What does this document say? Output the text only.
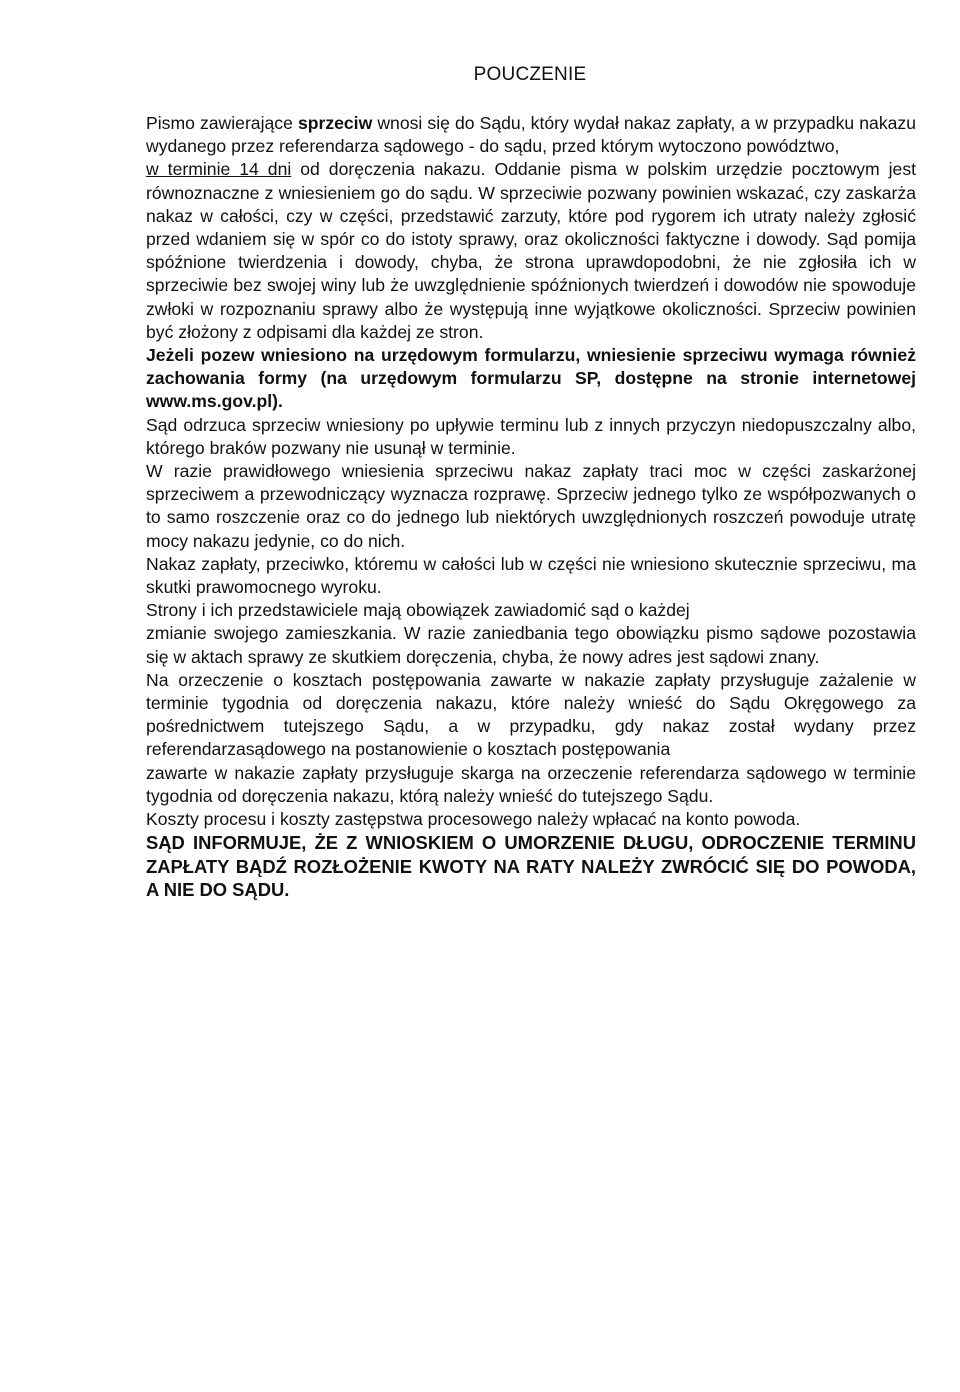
POUCZENIE

Pismo zawierające sprzeciw wnosi się do Sądu, który wydał nakaz zapłaty, a w przypadku nakazu wydanego przez referendarza sądowego - do sądu, przed którym wytoczono powództwo,

w terminie 14 dni od doręczenia nakazu. Oddanie pisma w polskim urzędzie pocztowym jest równoznaczne z wniesieniem go do sądu. W sprzeciwie pozwany powinien wskazać, czy zaskarża nakaz w całości, czy w części, przedstawić zarzuty, które pod rygorem ich utraty należy zgłosić przed wdaniem się w spór co do istoty sprawy, oraz okoliczności faktyczne i dowody. Sąd pomija spóźnione twierdzenia i dowody, chyba, że strona uprawdopodobni, że nie zgłosiła ich w sprzeciwie bez swojej winy lub że uwzględnienie spóźnionych twierdzeń i dowodów nie spowoduje zwłoki w rozpoznaniu sprawy albo że występują inne wyjątkowe okoliczności. Sprzeciw powinien być złożony z odpisami dla każdej ze stron.

Jeżeli pozew wniesiono na urzędowym formularzu, wniesienie sprzeciwu wymaga również zachowania formy (na urzędowym formularzu SP, dostępne na stronie internetowej www.ms.gov.pl).

Sąd odrzuca sprzeciw wniesiony po upływie terminu lub z innych przyczyn niedopuszczalny albo, którego braków pozwany nie usunął w terminie.

W razie prawidłowego wniesienia sprzeciwu nakaz zapłaty traci moc w części zaskarżonej sprzeciwem a przewodniczący wyznacza rozprawę. Sprzeciw jednego tylko ze współpozwanych o to samo roszczenie oraz co do jednego lub niektórych uwzględnionych roszczeń powoduje utratę mocy nakazu jedynie, co do nich.

Nakaz zapłaty, przeciwko, któremu w całości lub w części nie wniesiono skutecznie sprzeciwu, ma skutki prawomocnego wyroku.

Strony i ich przedstawiciele mają obowiązek zawiadomić sąd o każdej

zmianie swojego zamieszkania. W razie zaniedbania tego obowiązku pismo sądowe pozostawia się w aktach sprawy ze skutkiem doręczenia, chyba, że nowy adres jest sądowi znany.

Na orzeczenie o kosztach postępowania zawarte w nakazie zapłaty przysługuje zażalenie w terminie tygodnia od doręczenia nakazu, które należy wnieść do Sądu Okręgowego za pośrednictwem tutejszego Sądu, a w przypadku, gdy nakaz został wydany przez referendarzasądowego na postanowienie o kosztach postępowania

zawarte w nakazie zapłaty przysługuje skarga na orzeczenie referendarza sądowego w terminie tygodnia od doręczenia nakazu, którą należy wnieść do tutejszego Sądu.

Koszty procesu i koszty zastępstwa procesowego należy wpłacać na konto powoda.

SĄD INFORMUJE, ŻE Z WNIOSKIEM O UMORZENIE DŁUGU, ODROCZENIE TERMINU ZAPŁATY BĄDŹ ROZŁOŻENIE KWOTY NA RATY NALEŻY ZWRÓCIĆ SIĘ DO POWODA, A NIE DO SĄDU.
